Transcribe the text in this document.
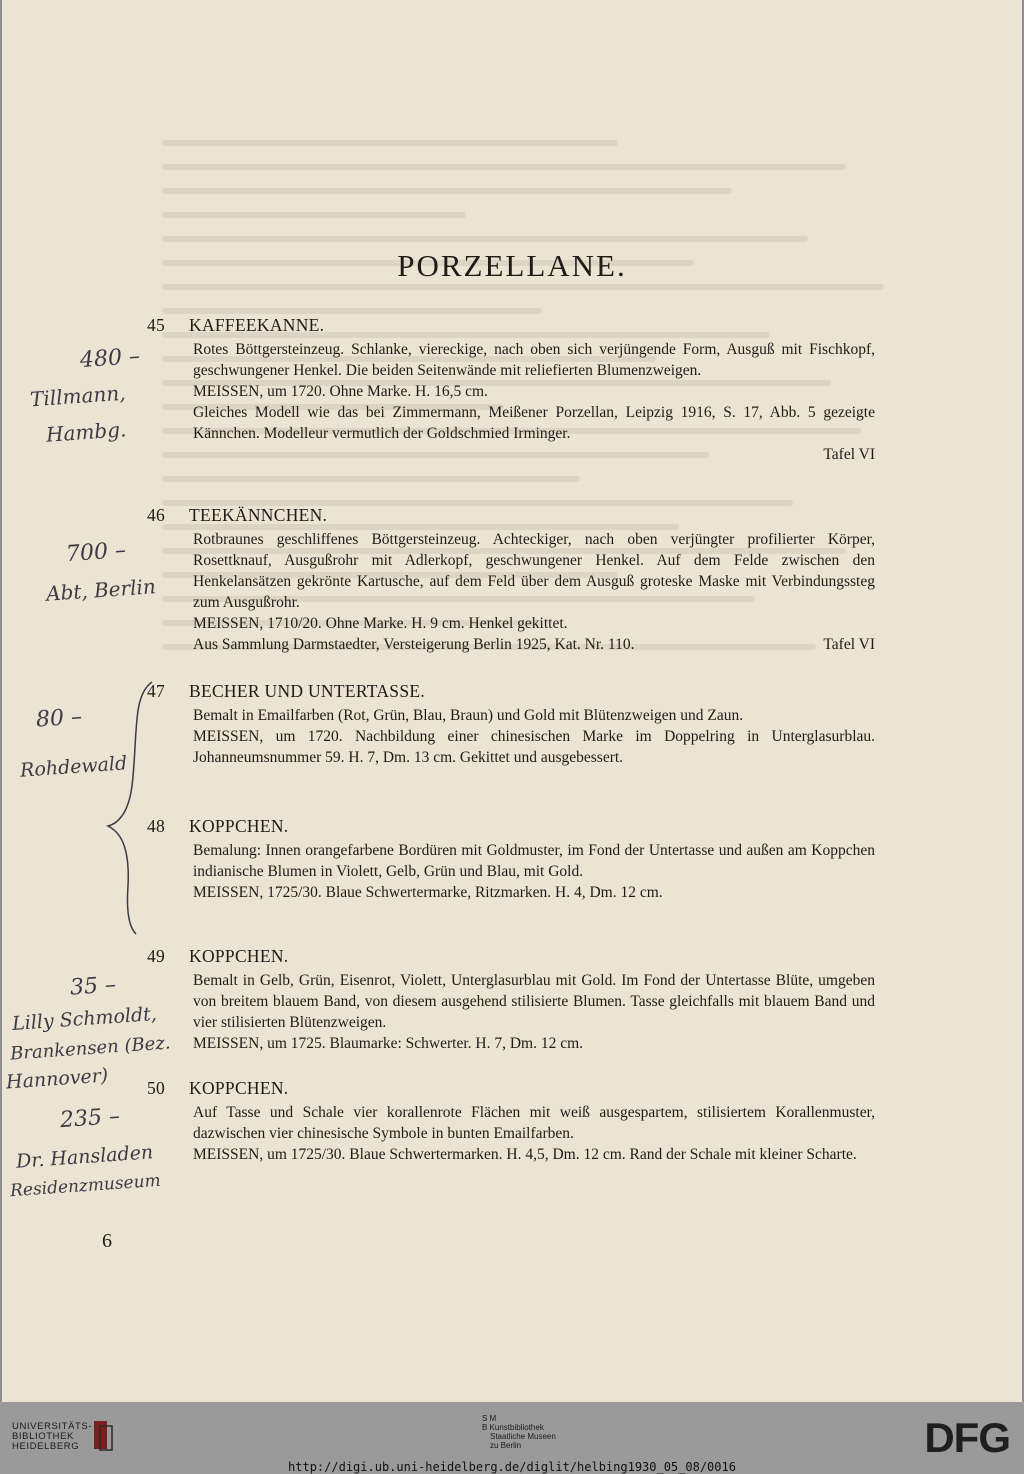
PORZELLANE.
45 KAFFEEKANNE.

Rotes Böttgersteinzeug. Schlanke, viereckige, nach oben sich verjüngende Form, Ausguß mit Fischkopf, geschwungener Henkel. Die beiden Seitenwände mit reliefierten Blumenzweigen.

MEISSEN, um 1720. Ohne Marke. H. 16,5 cm.

Gleiches Modell wie das bei Zimmermann, Meißener Porzellan, Leipzig 1916, S. 17, Abb. 5 gezeigte Kännchen. Modelleur vermutlich der Goldschmied Irminger.

Tafel VI

46 TEEKÄNNCHEN.

Rotbraunes geschliffenes Böttgersteinzeug. Achteckiger, nach oben verjüngter profilierter Körper, Rosettknauf, Ausgußrohr mit Adlerkopf, geschwungener Henkel. Auf dem Felde zwischen den Henkelansätzen gekrönte Kartusche, auf dem Feld über dem Ausguß groteske Maske mit Verbindungssteg zum Ausgußrohr.

MEISSEN, 1710/20. Ohne Marke. H. 9 cm. Henkel gekittet.

Aus Sammlung Darmstaedter, Versteigerung Berlin 1925, Kat. Nr. 110.	Tafel VI

47 BECHER UND UNTERTASSE.

Bemalt in Emailfarben (Rot, Grün, Blau, Braun) und Gold mit Blütenzweigen und Zaun.

MEISSEN, um 1720. Nachbildung einer chinesischen Marke im Doppelring in Unterglasurblau. Johanneumsnummer 59. H. 7, Dm. 13 cm. Gekittet und ausgebessert.

48 KOPPCHEN.

Bemalung: Innen orangefarbene Bordüren mit Goldmuster, im Fond der Untertasse und außen am Koppchen indianische Blumen in Violett, Gelb, Grün und Blau, mit Gold.

MEISSEN, 1725/30. Blaue Schwertermarke, Ritzmarken. H. 4, Dm. 12 cm.

49 KOPPCHEN.

Bemalt in Gelb, Grün, Eisenrot, Violett, Unterglasurblau mit Gold. Im Fond der Untertasse Blüte, umgeben von breitem blauem Band, von diesem ausgehend stilisierte Blumen. Tasse gleichfalls mit blauem Band und vier stilisierten Blütenzweigen.

MEISSEN, um 1725. Blaumarke: Schwerter. H. 7, Dm. 12 cm.

50 KOPPCHEN.

Auf Tasse und Schale vier korallenrote Flächen mit weiß ausgespartem, stilisiertem Korallenmuster, dazwischen vier chinesische Symbole in bunten Emailfarben.

MEISSEN, um 1725/30. Blaue Schwertermarken. H. 4,5, Dm. 12 cm. Rand der Schale mit kleiner Scharte.

480 –
Tillmann,
Hambg.
700 –
Abt, Berlin
80 –
Rohdewald
35 –
Lilly Schmoldt,
Brankensen (Bez.
Hannover)
235 –
Dr. Hansladen
Residenzmuseum
6
UNIVERSITÄTS-
BIBLIOTHEK
HEIDELBERG
S M
B Kunstbibliothek
Staatliche Museen
zu Berlin	DFG
http://digi.ub.uni-heidelberg.de/diglit/helbing1930_05_08/0016
